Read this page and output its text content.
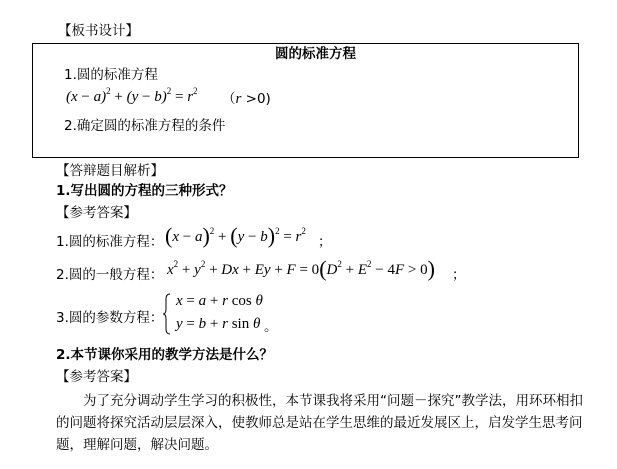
【板书设计】
圆的标准方程
1.圆的标准方程
$(x - a)^2 + (y - b)^2 = r^2$ （r >0)
2.确定圆的标准方程的条件
【答辩题目解析】
1.写出圆的方程的三种形式？
【参考答案】
1.圆的标准方程： $(x - a)^2 + (y - b)^2 = r^2$
；
2.圆的一般方程： $x^2 + y^2 + Dx + Ey + F = 0(D^2 + E^2 - 4F > 0)$ ；
3.圆的参数方程：
x = a + r cos θ
y = b + r sin θ 。
2.本节课你采用的教学方法是什么？
【参考答案】
为了充分调动学生学习的积极性，本节课我将采用“问题－探究”教学法，用环环相扣的问题将探究活动层层深入，使教师总是站在学生思维的最近发展区上，启发学生思考问题，理解问题，解决问题。
